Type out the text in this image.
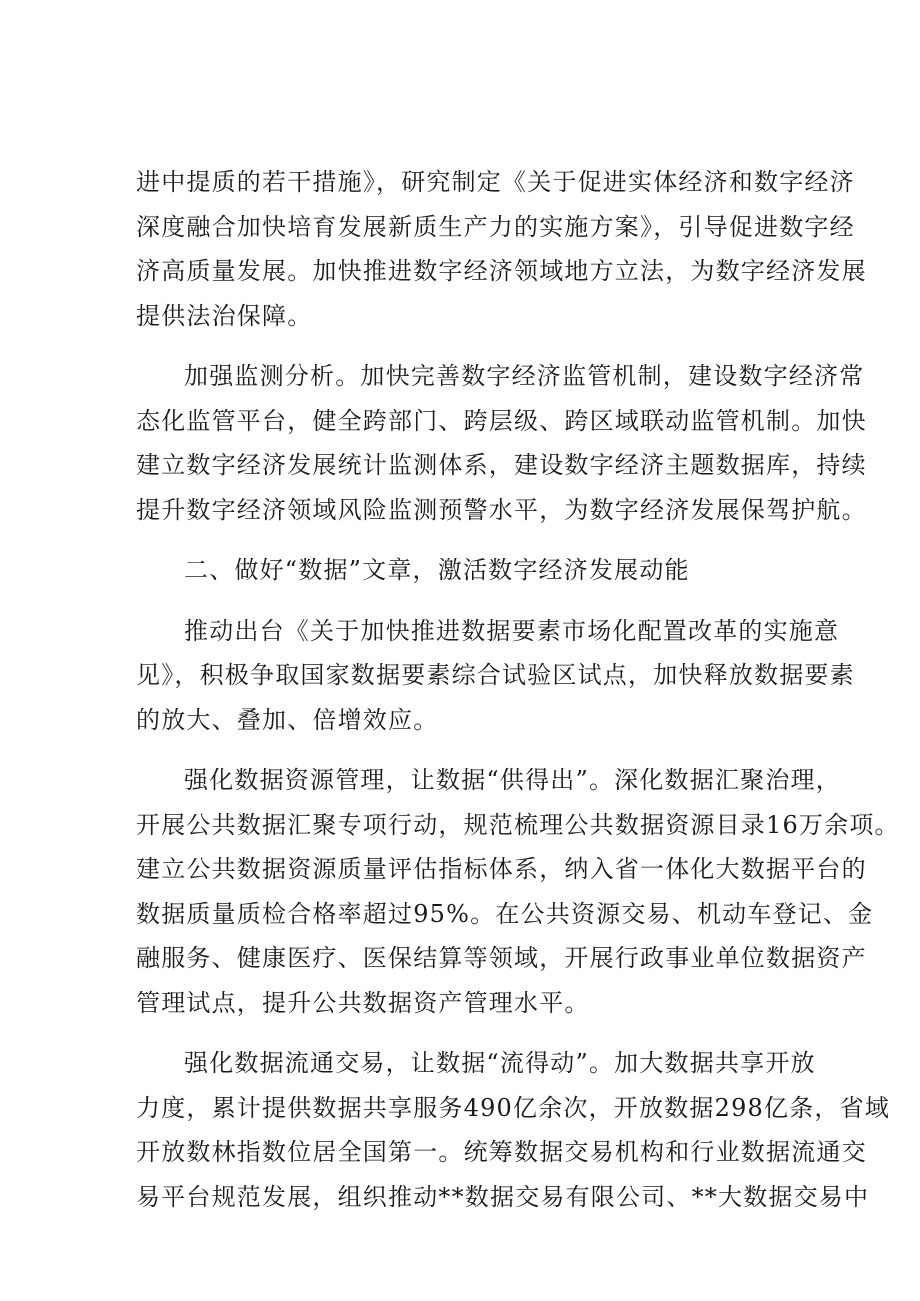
进中提质的若干措施》，研究制定《关于促进实体经济和数字经济
深度融合加快培育发展新质生产力的实施方案》，引导促进数字经
济高质量发展。加快推进数字经济领域地方立法，为数字经济发展
提供法治保障。
加强监测分析。加快完善数字经济监管机制，建设数字经济常
态化监管平台，健全跨部门、跨层级、跨区域联动监管机制。加快
建立数字经济发展统计监测体系，建设数字经济主题数据库，持续
提升数字经济领域风险监测预警水平，为数字经济发展保驾护航。
二、做好“数据”文章，激活数字经济发展动能
推动出台《关于加快推进数据要素市场化配置改革的实施意
见》，积极争取国家数据要素综合试验区试点，加快释放数据要素
的放大、叠加、倍增效应。
强化数据资源管理，让数据“供得出”。深化数据汇聚治理，
开展公共数据汇聚专项行动，规范梳理公共数据资源目录16万余项。
建立公共数据资源质量评估指标体系，纳入省一体化大数据平台的
数据质量质检合格率超过95%。在公共资源交易、机动车登记、金
融服务、健康医疗、医保结算等领域，开展行政事业单位数据资产
管理试点，提升公共数据资产管理水平。
强化数据流通交易，让数据“流得动”。加大数据共享开放
力度，累计提供数据共享服务490亿余次，开放数据298亿条，省域
开放数林指数位居全国第一。统筹数据交易机构和行业数据流通交
易平台规范发展，组织推动**数据交易有限公司、**大数据交易中
